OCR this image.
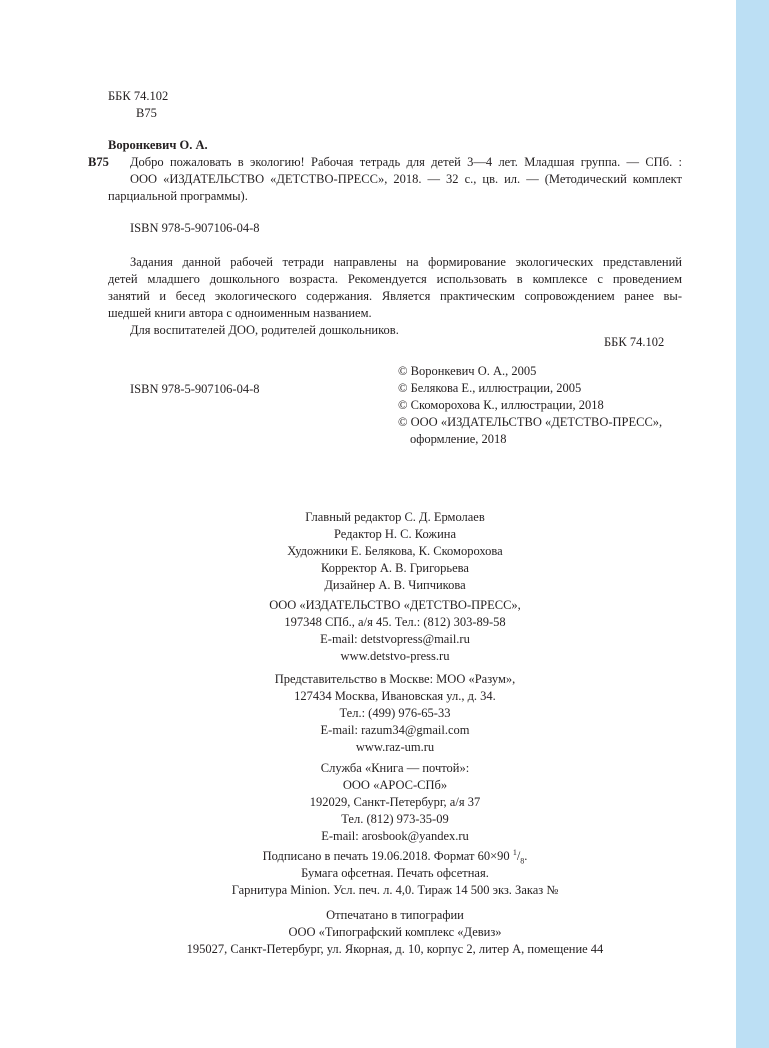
ББК 74.102
В75
Воронкевич О. А.
В75 Добро пожаловать в экологию! Рабочая тетрадь для детей 3—4 лет. Младшая группа. — СПб. :
ООО «ИЗДАТЕЛЬСТВО «ДЕТСТВО-ПРЕСС», 2018. — 32 с., цв. ил. — (Методический комплект
парциальной программы).
ISBN 978-5-907106-04-8
Задания данной рабочей тетради направлены на формирование экологических представлений
детей младшего дошкольного возраста. Рекомендуется использовать в комплексе с проведением
занятий и бесед экологического содержания. Является практическим сопровождением ранее вы-
шедшей книги автора с одноименным названием.
Для воспитателей ДОО, родителей дошкольников.
ББК 74.102
ISBN 978-5-907106-04-8
© Воронкевич О. А., 2005
© Белякова Е., иллюстрации, 2005
© Скоморохова К., иллюстрации, 2018
© ООО «ИЗДАТЕЛЬСТВО «ДЕТСТВО-ПРЕСС»,
оформление, 2018
Главный редактор С. Д. Ермолаев
Редактор Н. С. Кожина
Художники Е. Белякова, К. Скоморохова
Корректор А. В. Григорьева
Дизайнер А. В. Чипчикова
ООО «ИЗДАТЕЛЬСТВО «ДЕТСТВО-ПРЕСС»,
197348 СПб., а/я 45. Тел.: (812) 303-89-58
E-mail: detstvopress@mail.ru
www.detstvo-press.ru
Представительство в Москве: МОО «Разум»,
127434 Москва, Ивановская ул., д. 34.
Тел.: (499) 976-65-33
E-mail: razum34@gmail.com
www.raz-um.ru
Служба «Книга — почтой»:
ООО «АРОС-СПб»
192029, Санкт-Петербург, а/я 37
Тел. (812) 973-35-09
E-mail: arosbook@yandex.ru
Подписано в печать 19.06.2018. Формат 60×90 $^1/_8$.
Бумага офсетная. Печать офсетная.
Гарнитура Minion. Усл. печ. л. 4,0. Тираж 14 500 экз. Заказ №
Отпечатано в типографии
ООО «Типографский комплекс «Девиз»
195027, Санкт-Петербург, ул. Якорная, д. 10, корпус 2, литер А, помещение 44
